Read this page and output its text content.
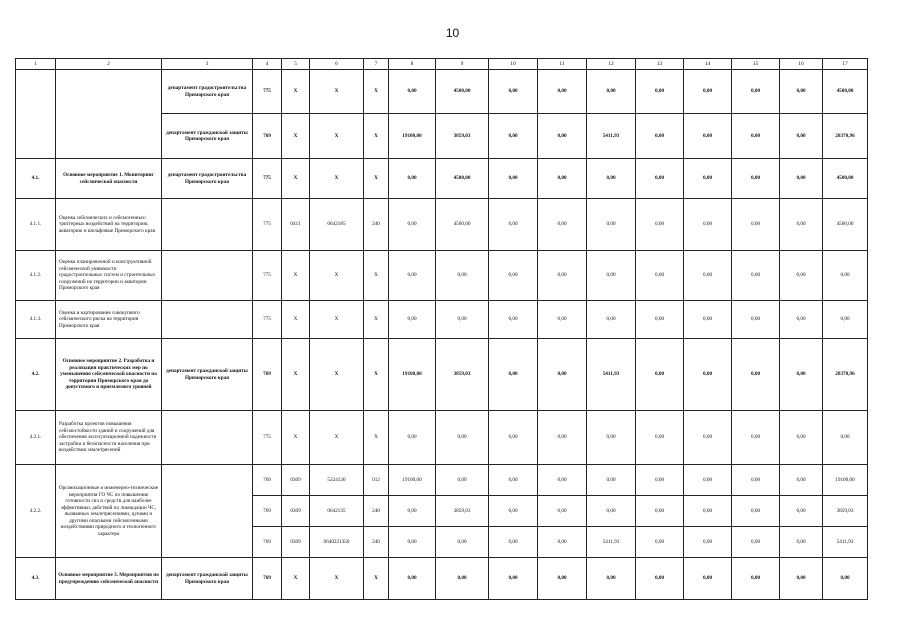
10
1	2	3	4	5	6	7	8	9	10	11	12	13	14	15	16	17
		департамент градостроительства Приморского края	775	Х	Х	Х	0,00	4500,00	0,00	0,00	0,00	0,00	0,00	0,00	0,00	4500,00
		департамент гражданской защиты Приморского края	769	Х	Х	Х	19100,00	3859,03	0,00	0,00	5411,93	0,00	0,00	0,00	0,00	28370,96
4.1.	Основное мероприятие 1. Мониторинг сейсмической опасности	департамент градостроительства Приморского края	775	Х	Х	Х	0,00	4500,00	0,00	0,00	0,00	0,00	0,00	0,00	0,00	4500,00
4.1.1.	Оценка сейсмических и сейсмогенных/триггерных воздействий на территорию, акваторию и шельфовые Приморского края		775	0411	0642185	240	0,00	4500,00	0,00	0,00	0,00	0,00	0,00	0,00	0,00	4500,00
4.1.2.	Оценка планировочной и конструктивной сейсмической уязвимости градостроительных систем и строительных сооружений на территории и акватории Приморского края		775	Х	Х	Х	0,00	0,00	0,00	0,00	0,00	0,00	0,00	0,00	0,00	0,00
4.1.3.	Оценка и картирование совокупного сейсмического риска на территории Приморского края		775	Х	Х	Х	0,00	0,00	0,00	0,00	0,00	0,00	0,00	0,00	0,00	0,00
4.2.	Основное мероприятие 2. Разработка и реализация практических мер по уменьшению сейсмической опасности на территории Приморского края до допустимого и приемлемого уровней	департамент гражданской защиты Приморского края	769	Х	Х	Х	19100,00	3859,03	0,00	0,00	5411,93	0,00	0,00	0,00	0,00	28370,96
4.2.1.	Разработка проектов повышения сейсмостойкости зданий и сооружений для обеспечения эксплуатационной надежности застройки и безопасности населения при воздействии землетрясений		775	Х	Х	Х	0,00	0,00	0,00	0,00	0,00	0,00	0,00	0,00	0,00	0,00
4.2.2.	Организационные и инженерно-технические мероприятия ГО ЧС по повышению готовности сил и средств для наиболее эффективных действий по ликвидации ЧС, вызванных землетрясениями, цунами и другими опасными сейсмогенными воздействиями природного и техногенного характера		769	0309	5224130	012	19100,00	0,00	0,00	0,00	0,00	0,00	0,00	0,00	0,00	19100,00
			769	0309	0642135	240	0,00	3859,03	0,00	0,00	0,00	0,00	0,00	0,00	0,00	3859,03
			769	0309	0640221350	240	0,00	0,00	0,00	0,00	5411,93	0,00	0,00	0,00	0,00	5411,93
4.3.	Основное мероприятие 3. Мероприятия по предупреждению сейсмической опасности	департамент гражданской защиты Приморского края	769	Х	Х	Х	0,00	0,00	0,00	0,00	0,00	0,00	0,00	0,00	0,00	0,00
